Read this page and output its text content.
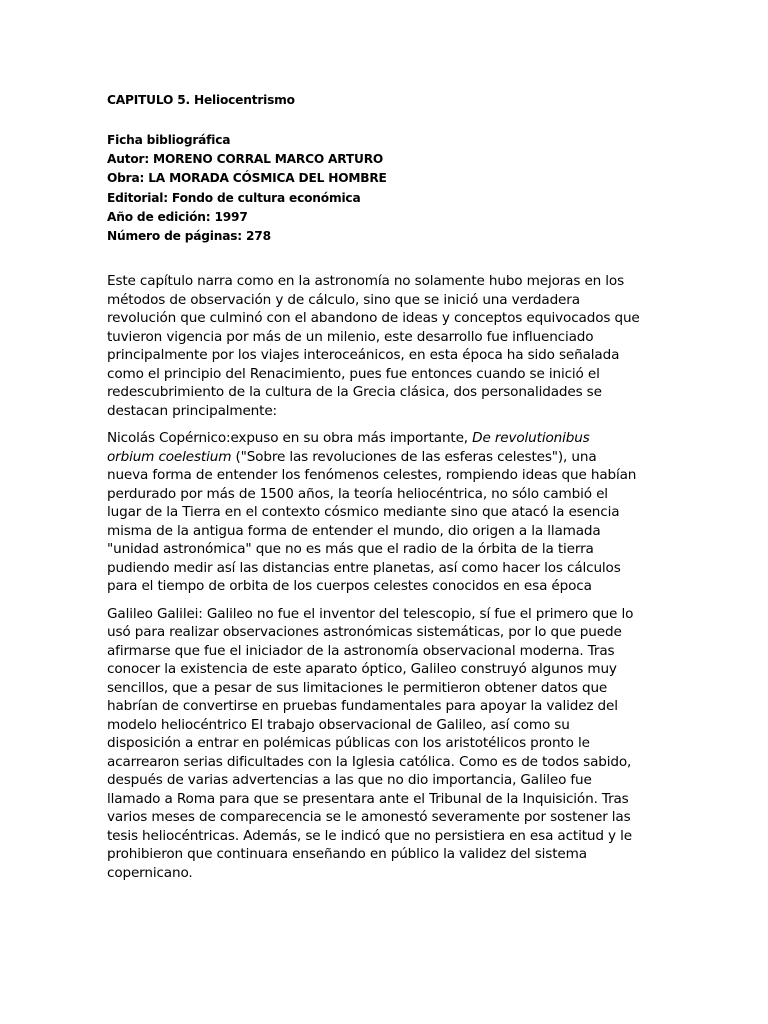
CAPITULO 5. Heliocentrismo
Ficha bibliográfica
Autor: MORENO CORRAL MARCO ARTURO
Obra: LA MORADA CÓSMICA DEL HOMBRE
Editorial: Fondo de cultura económica
Año de edición: 1997
Número de páginas: 278

Este capítulo narra como en la astronomía no solamente hubo mejoras en los
métodos de observación y de cálculo, sino que se inició una verdadera
revolución que culminó con el abandono de ideas y conceptos equivocados que
tuvieron vigencia por más de un milenio, este desarrollo fue influenciado
principalmente por los viajes interoceánicos, en esta época ha sido señalada
como el principio del Renacimiento, pues fue entonces cuando se inició el
redescubrimiento de la cultura de la Grecia clásica, dos personalidades se
destacan principalmente:

Nicolás Copérnico:expuso en su obra más importante, De revolutionibus
orbium coelestium ("Sobre las revoluciones de las esferas celestes"), una
nueva forma de entender los fenómenos celestes, rompiendo ideas que habían
perdurado por más de 1500 años, la teoría heliocéntrica, no sólo cambió el
lugar de la Tierra en el contexto cósmico mediante sino que atacó la esencia
misma de la antigua forma de entender el mundo, dio origen a la llamada
"unidad astronómica" que no es más que el radio de la órbita de la tierra
pudiendo medir así las distancias entre planetas, así como hacer los cálculos
para el tiempo de orbita de los cuerpos celestes conocidos en esa época

Galileo Galilei: Galileo no fue el inventor del telescopio, sí fue el primero que lo
usó para realizar observaciones astronómicas sistemáticas, por lo que puede
afirmarse que fue el iniciador de la astronomía observacional moderna. Tras
conocer la existencia de este aparato óptico, Galileo construyó algunos muy
sencillos, que a pesar de sus limitaciones le permitieron obtener datos que
habrían de convertirse en pruebas fundamentales para apoyar la validez del
modelo heliocéntrico El trabajo observacional de Galileo, así como su
disposición a entrar en polémicas públicas con los aristotélicos pronto le
acarrearon serias dificultades con la Iglesia católica. Como es de todos sabido,
después de varias advertencias a las que no dio importancia, Galileo fue
llamado a Roma para que se presentara ante el Tribunal de la Inquisición. Tras
varios meses de comparecencia se le amonestó severamente por sostener las
tesis heliocéntricas. Además, se le indicó que no persistiera en esa actitud y le
prohibieron que continuara enseñando en público la validez del sistema
copernicano.
